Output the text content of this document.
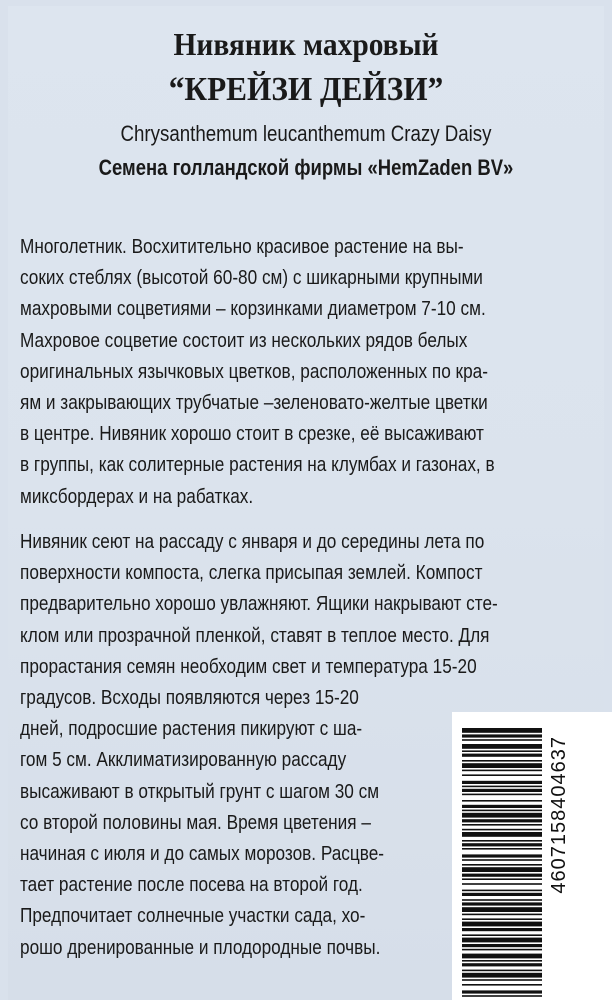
Нивяник махровый
“КРЕЙЗИ ДЕЙЗИ”

Chrysanthemum leucanthemum Crazy Daisy

Семена голландской фирмы «HemZaden BV»

Многолетник. Восхитительно красивое растение на вы-
соких стеблях (высотой 60-80 см) с шикарными крупными
махровыми соцветиями – корзинками диаметром 7-10 см.
Махровое соцветие состоит из нескольких рядов белых
оригинальных язычковых цветков, расположенных по кра-
ям и закрывающих трубчатые –зеленовато-желтые цветки
в центре. Нивяник хорошо стоит в срезке, её высаживают
в группы, как солитерные растения на клумбах и газонах, в
миксбордерах и на рабатках.
Нивяник сеют на рассаду с января и до середины лета по
поверхности компоста, слегка присыпая землей. Компост
предварительно хорошо увлажняют. Ящики накрывают сте-
клом или прозрачной пленкой, ставят в теплое место. Для
прорастания семян необходим свет и температура 15-20
градусов. Всходы появляются через 15-20
дней, подросшие растения пикируют с ша-
гом 5 см. Акклиматизированную рассаду
высаживают в открытый грунт с шагом 30 см
со второй половины мая. Время цветения –
начиная с июля и до самых морозов. Расцве-
тает растение после посева на второй год.
Предпочитает солнечные участки сада, хо-
рошо дренированные и плодородные почвы.
4607158404637
